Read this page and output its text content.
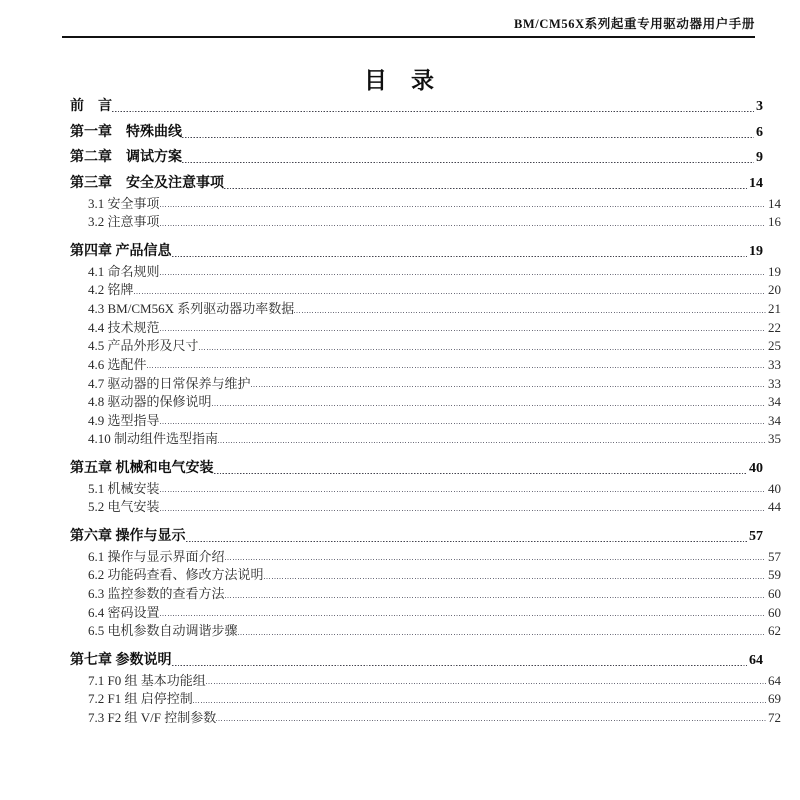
BM/CM56X系列起重专用驱动器用户手册
目 录
前　言	3
第一章　特殊曲线	6
第二章　调试方案	9
第三章　安全及注意事项	14
3.1 安全事项	14
3.2 注意事项	16
第四章 产品信息	19
4.1 命名规则	19
4.2 铭牌	20
4.3 BM/CM56X 系列驱动器功率数据	21
4.4 技术规范	22
4.5 产品外形及尺寸	25
4.6 选配件	33
4.7 驱动器的日常保养与维护	33
4.8 驱动器的保修说明	34
4.9 选型指导	34
4.10 制动组件选型指南	35
第五章 机械和电气安装	40
5.1 机械安装	40
5.2 电气安装	44
第六章 操作与显示	57
6.1 操作与显示界面介绍	57
6.2 功能码查看、修改方法说明	59
6.3 监控参数的查看方法	60
6.4 密码设置	60
6.5 电机参数自动调谐步骤	62
第七章 参数说明	64
7.1 F0 组 基本功能组	64
7.2 F1 组 启停控制	69
7.3 F2 组 V/F 控制参数	72
